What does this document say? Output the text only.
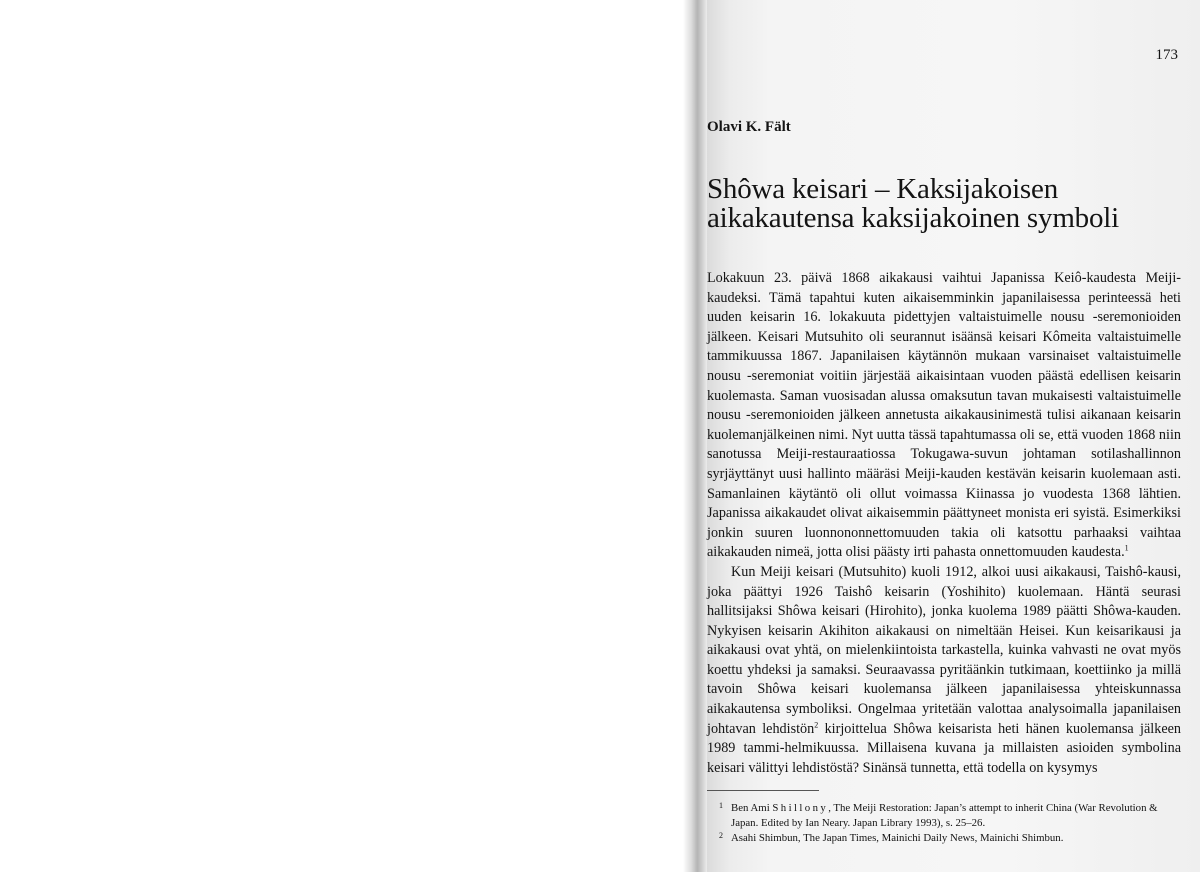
173
Olavi K. Fält
Shôwa keisari – Kaksijakoisen
aikakautensa kaksijakoinen symboli

Lokakuun 23. päivä 1868 aikakausi vaihtui Japanissa Keiô-kaudesta Meiji-kaudeksi. Tämä tapahtui kuten aikaisemminkin japanilaisessa perinteessä heti uuden keisarin 16. lokakuuta pidettyjen valtaistuimelle nousu -seremonioiden jälkeen. Keisari Mutsuhito oli seurannut isäänsä keisari Kômeita valtaistuimelle tammikuussa 1867. Japanilaisen käytännön mukaan varsinaiset valtaistuimelle nousu -seremoniat voitiin järjestää aikaisintaan vuoden päästä edellisen keisarin kuolemasta. Saman vuosisadan alussa omaksutun tavan mukaisesti valtaistuimelle nousu -seremonioiden jälkeen annetusta aikakausinimestä tulisi aikanaan keisarin kuolemanjälkeinen nimi. Nyt uutta tässä tapahtumassa oli se, että vuoden 1868 niin sanotussa Meiji-restauraatiossa Tokugawa-suvun johtaman sotilashallinnon syrjäyttänyt uusi hallinto määräsi Meiji-kauden kestävän keisarin kuolemaan asti. Samanlainen käytäntö oli ollut voimassa Kiinassa jo vuodesta 1368 lähtien. Japanissa aikakaudet olivat aikaisemmin päättyneet monista eri syistä. Esimerkiksi jonkin suuren luonnononnettomuuden takia oli katsottu parhaaksi vaihtaa aikakauden nimeä, jotta olisi päästy irti pahasta onnettomuuden kaudesta.$^1$

Kun Meiji keisari (Mutsuhito) kuoli 1912, alkoi uusi aikakausi, Taishô-kausi, joka päättyi 1926 Taishô keisarin (Yoshihito) kuolemaan. Häntä seurasi hallitsijaksi Shôwa keisari (Hirohito), jonka kuolema 1989 päätti Shôwa-kauden. Nykyisen keisarin Akihiton aikakausi on nimeltään Heisei. Kun keisarikausi ja aikakausi ovat yhtä, on mielenkiintoista tarkastella, kuinka vahvasti ne ovat myös koettu yhdeksi ja samaksi. Seuraavassa pyritäänkin tutkimaan, koettiinko ja millä tavoin Shôwa keisari kuolemansa jälkeen japanilaisessa yhteiskunnassa aikakautensa symboliksi. Ongelmaa yritetään valottaa analysoimalla japanilaisen johtavan lehdistön$^2$ kirjoittelua Shôwa keisarista heti hänen kuolemansa jälkeen 1989 tammi-helmikuussa. Millaisena kuvana ja millaisten asioiden symbolina keisari välittyi lehdistöstä? Sinänsä tunnetta, että todella on kysymys

1 Ben Ami Shillony, The Meiji Restoration: Japan’s attempt to inherit China (War Revolution & Japan. Edited by Ian Neary. Japan Library 1993), s. 25–26.
2 Asahi Shimbun, The Japan Times, Mainichi Daily News, Mainichi Shimbun.
